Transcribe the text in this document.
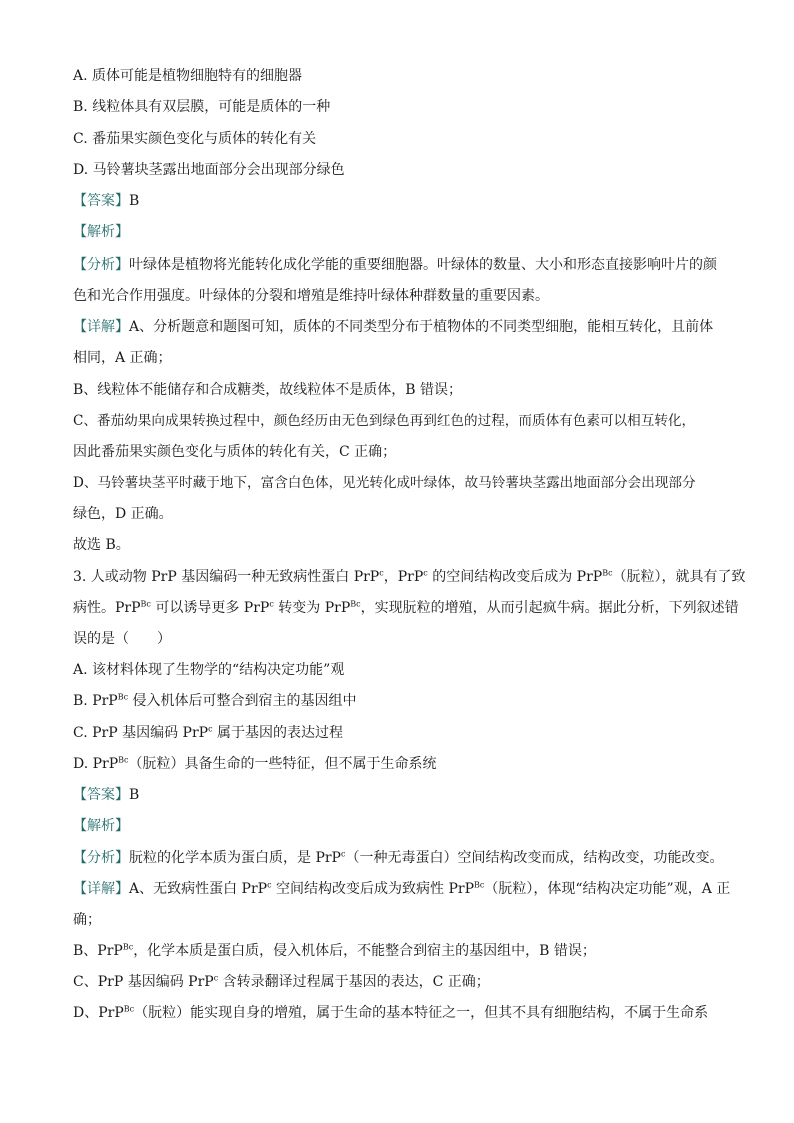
A. 质体可能是植物细胞特有的细胞器
B. 线粒体具有双层膜，可能是质体的一种
C. 番茄果实颜色变化与质体的转化有关
D. 马铃薯块茎露出地面部分会出现部分绿色
【答案】B
【解析】
【分析】叶绿体是植物将光能转化成化学能的重要细胞器。叶绿体的数量、大小和形态直接影响叶片的颜
色和光合作用强度。叶绿体的分裂和增殖是维持叶绿体种群数量的重要因素。
【详解】A、分析题意和题图可知，质体的不同类型分布于植物体的不同类型细胞，能相互转化，且前体
相同，A 正确；
B、线粒体不能储存和合成糖类，故线粒体不是质体，B 错误；
C、番茄幼果向成果转换过程中，颜色经历由无色到绿色再到红色的过程，而质体有色素可以相互转化，
因此番茄果实颜色变化与质体的转化有关，C 正确；
D、马铃薯块茎平时藏于地下，富含白色体，见光转化成叶绿体，故马铃薯块茎露出地面部分会出现部分
绿色，D 正确。
故选 B。
3. 人或动物 PrP 基因编码一种无致病性蛋白 PrP$^c$，PrP$^c$ 的空间结构改变后成为 PrP$^{Bc}$（朊粒），就具有了致
病性。PrP$^{Bc}$ 可以诱导更多 PrP$^c$ 转变为 PrP$^{Bc}$，实现朊粒的增殖，从而引起疯牛病。据此分析，下列叙述错
误的是（　　）
A. 该材料体现了生物学的“结构决定功能”观
B. PrP$^{Bc}$ 侵入机体后可整合到宿主的基因组中
C. PrP 基因编码 PrP$^c$ 属于基因的表达过程
D. PrP$^{Bc}$（朊粒）具备生命的一些特征，但不属于生命系统
【答案】B
【解析】
【分析】朊粒的化学本质为蛋白质，是 PrP$^c$（一种无毒蛋白）空间结构改变而成，结构改变，功能改变。
【详解】A、无致病性蛋白 PrP$^c$ 空间结构改变后成为致病性 PrP$^{Bc}$（朊粒），体现“结构决定功能”观，A 正
确；
B、PrP$^{Bc}$，化学本质是蛋白质，侵入机体后，不能整合到宿主的基因组中，B 错误；
C、PrP 基因编码 PrP$^c$ 含转录翻译过程属于基因的表达，C 正确；
D、PrP$^{Bc}$（朊粒）能实现自身的增殖，属于生命的基本特征之一，但其不具有细胞结构，不属于生命系
